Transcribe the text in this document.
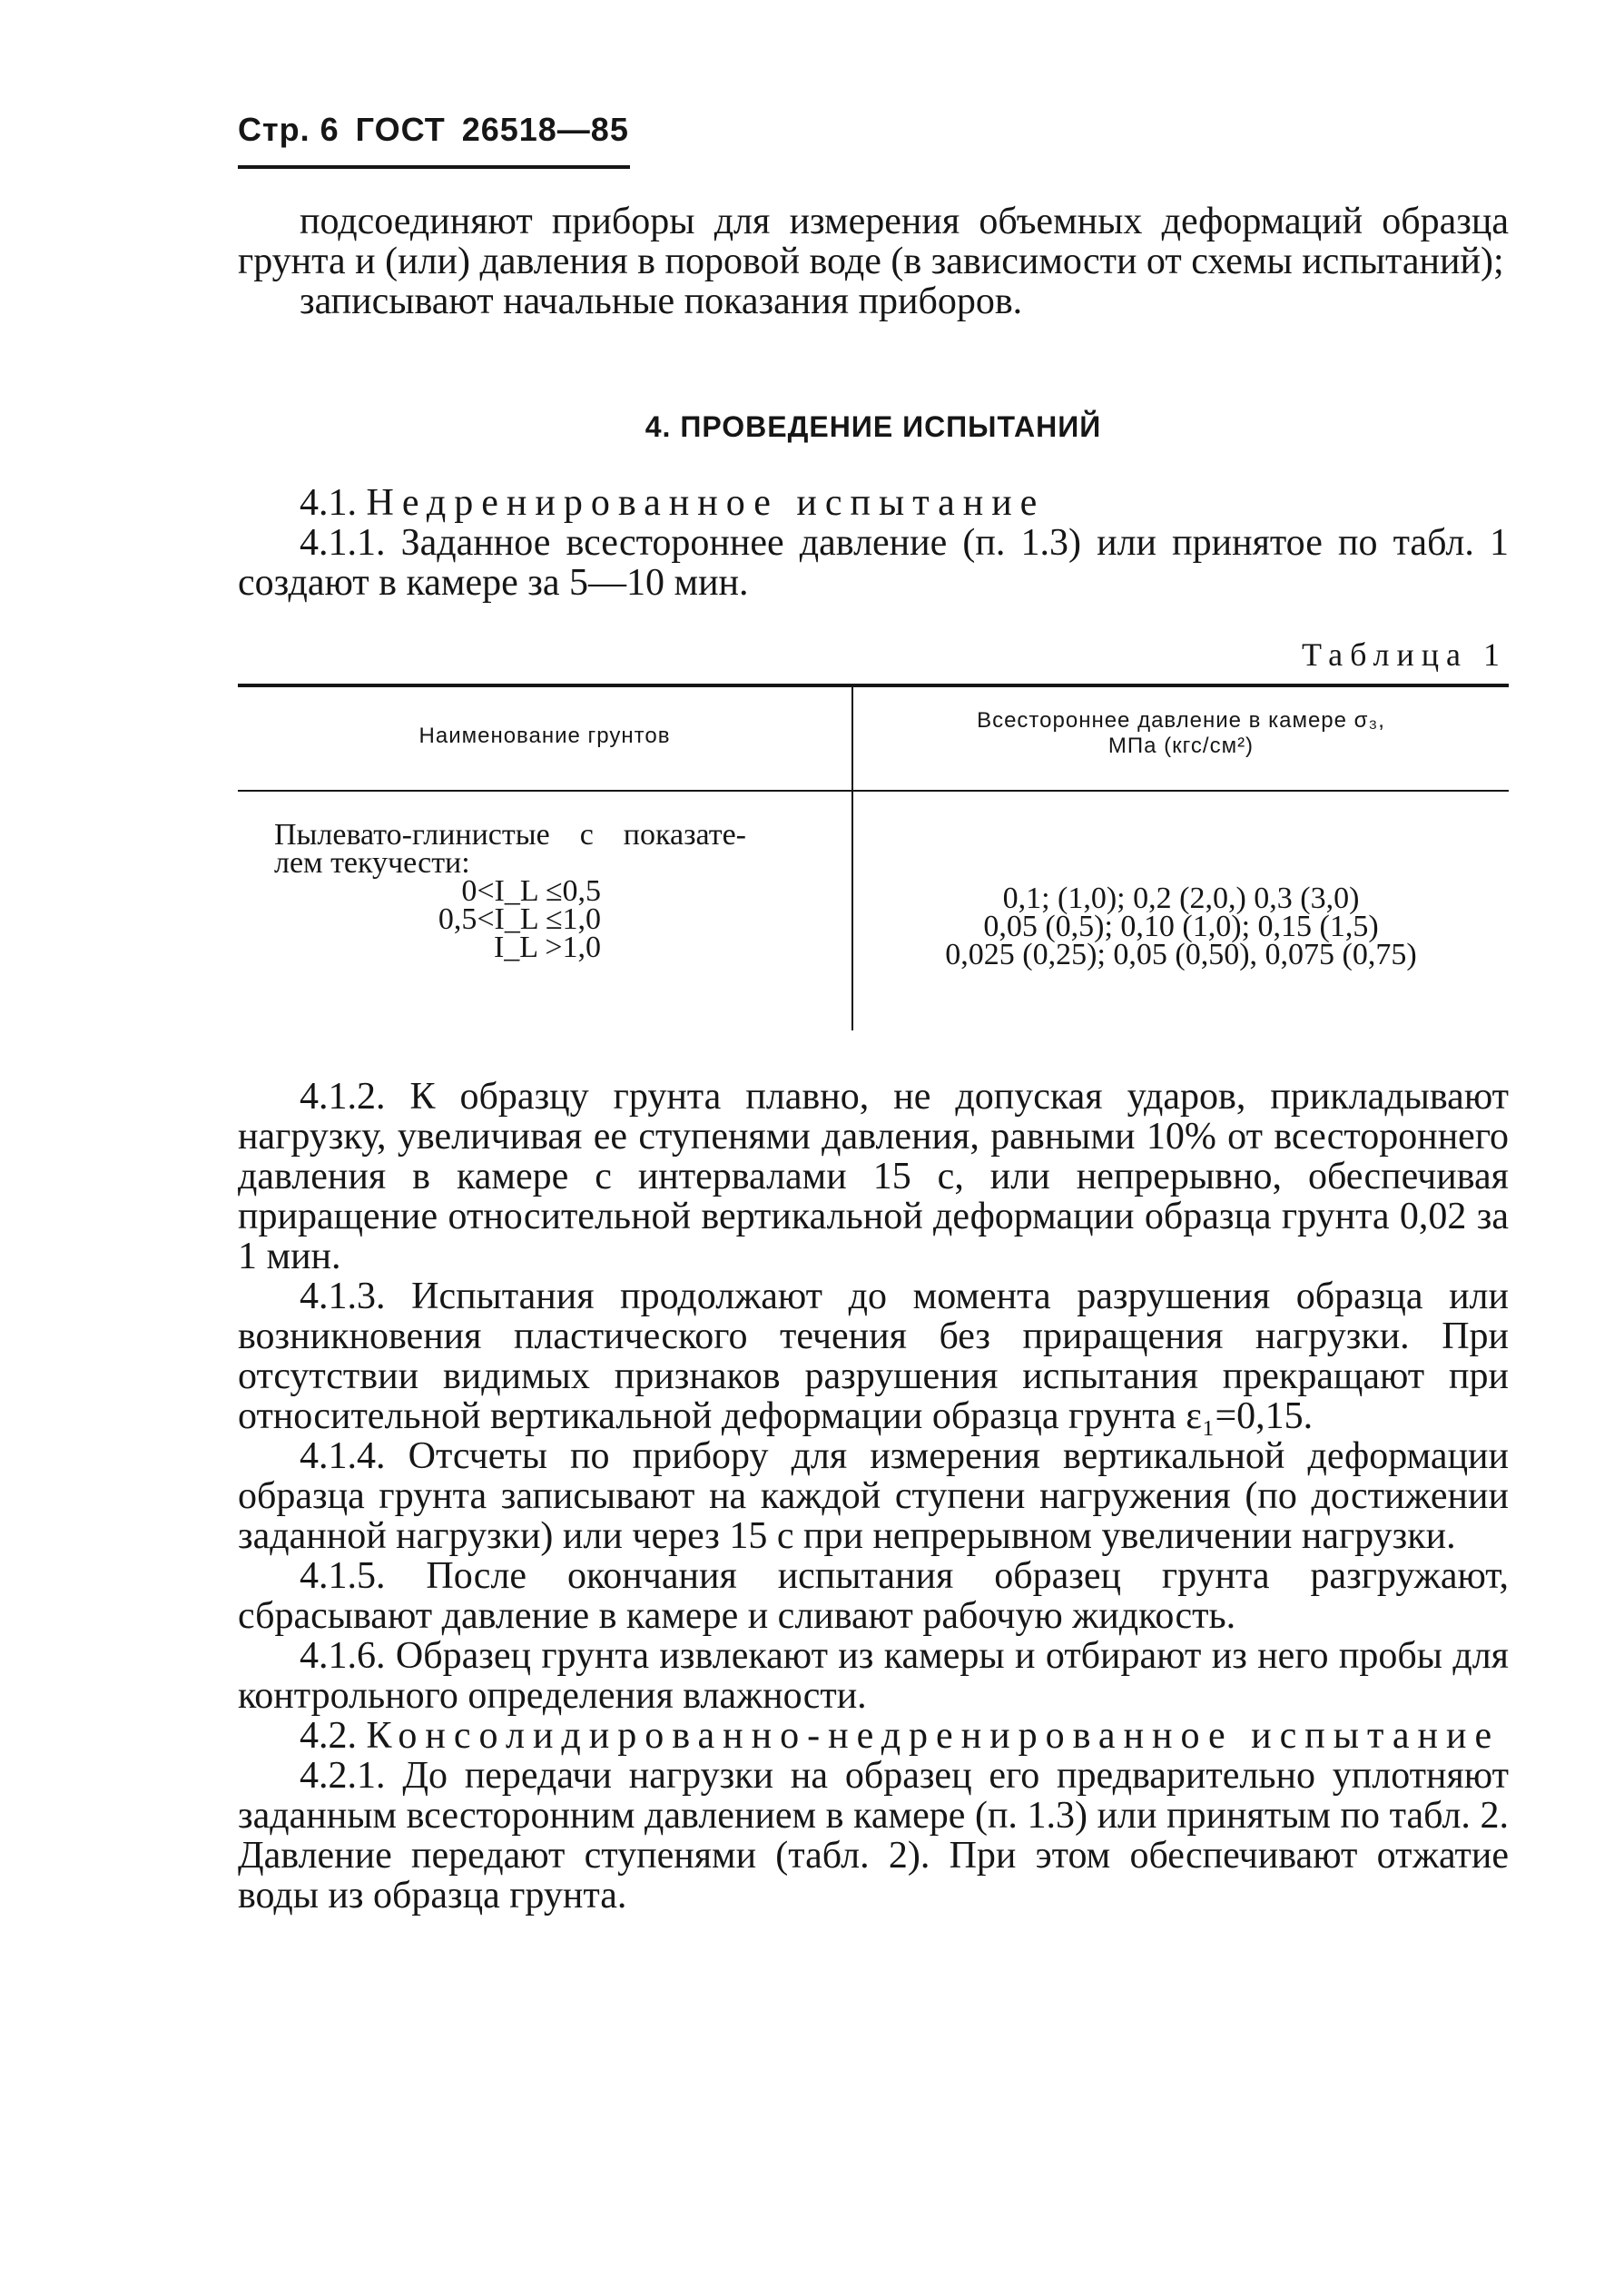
Стр. 6 ГОСТ 26518—85

подсоединяют приборы для измерения объемных деформаций образца грунта и (или) давления в поровой воде (в зависимости от схемы испытаний);

записывают начальные показания приборов.

4. ПРОВЕДЕНИЕ ИСПЫТАНИЙ

4.1. Недренированное испытание

4.1.1. Заданное всестороннее давление (п. 1.3) или принятое по табл. 1 создают в камере за 5—10 мин.

Таблица 1
Наименование грунтов
Всестороннее давление в камере σ₃,
МПа (кгс/см²)
Пылевато-глинистые с показате-
лем текучести:
0<I_L ≤0,5
0,5<I_L ≤1,0
I_L >1,0
0,1; (1,0); 0,2 (2,0,) 0,3 (3,0)
0,05 (0,5); 0,10 (1,0); 0,15 (1,5)
0,025 (0,25); 0,05 (0,50), 0,075 (0,75)

4.1.2. К образцу грунта плавно, не допуская ударов, прикладывают нагрузку, увеличивая ее ступенями давления, равными 10% от всестороннего давления в камере с интервалами 15 с, или непрерывно, обеспечивая приращение относительной вертикальной деформации образца грунта 0,02 за 1 мин.

4.1.3. Испытания продолжают до момента разрушения образца или возникновения пластического течения без приращения нагрузки. При отсутствии видимых признаков разрушения испытания прекращают при относительной вертикальной деформации образца грунта ε₁=0,15.

4.1.4. Отсчеты по прибору для измерения вертикальной деформации образца грунта записывают на каждой ступени нагружения (по достижении заданной нагрузки) или через 15 с при непрерывном увеличении нагрузки.

4.1.5. После окончания испытания образец грунта разгружают, сбрасывают давление в камере и сливают рабочую жидкость.

4.1.6. Образец грунта извлекают из камеры и отбирают из него пробы для контрольного определения влажности.

4.2. Консолидированно-недренированное испытание

4.2.1. До передачи нагрузки на образец его предварительно уплотняют заданным всесторонним давлением в камере (п. 1.3) или принятым по табл. 2. Давление передают ступенями (табл. 2). При этом обеспечивают отжатие воды из образца грунта.
